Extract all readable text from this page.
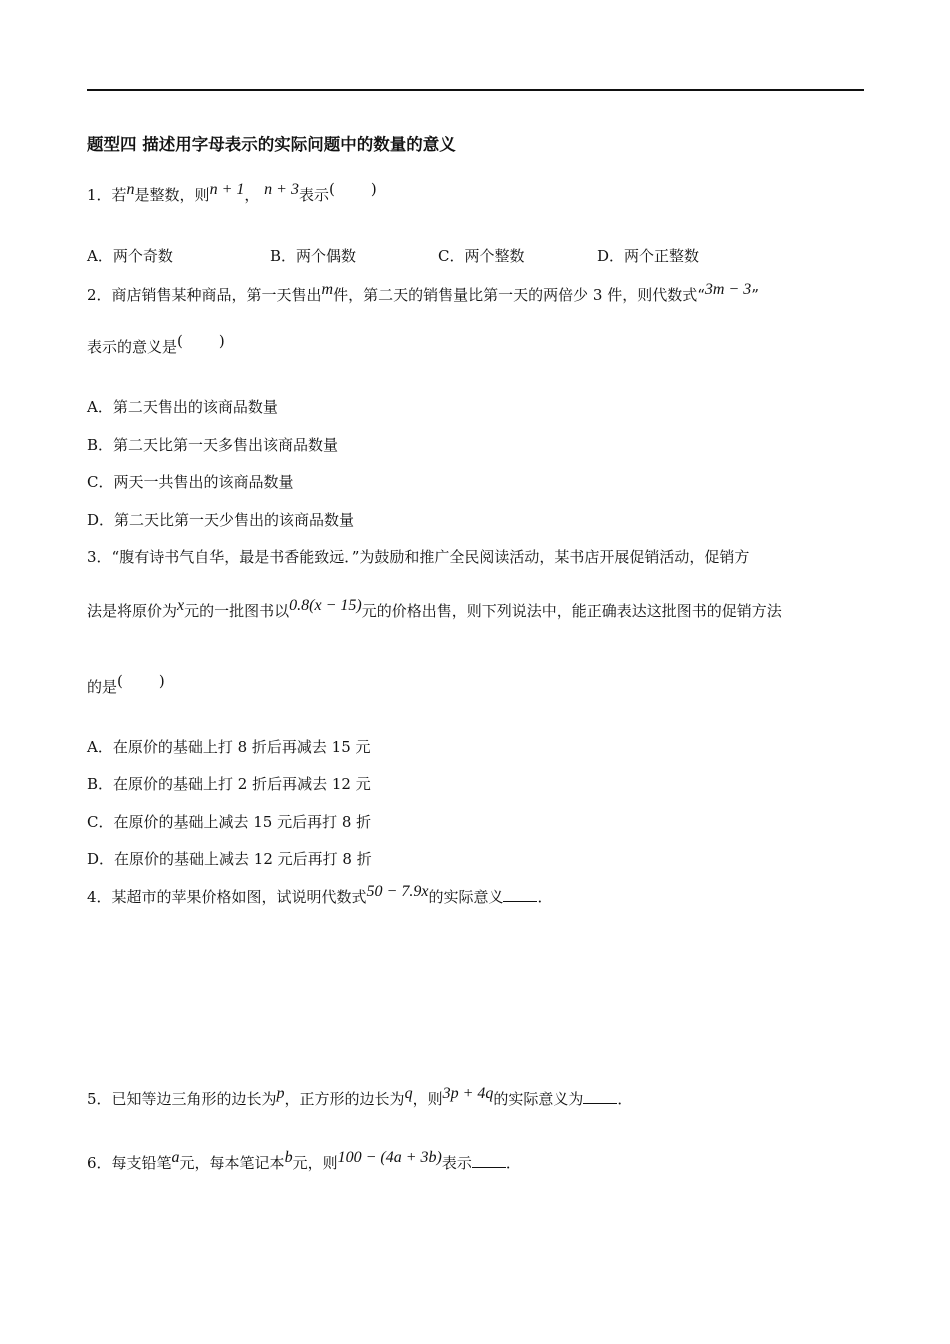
题型四 描述用字母表示的实际问题中的数量的意义
1．若n是整数，则n + 1， n + 3表示( )
A．两个奇数	B．两个偶数	C．两个整数	D．两个正整数
2．商店销售某种商品，第一天售出m件，第二天的销售量比第一天的两倍少 3 件，则代数式“3m − 3”
表示的意义是( )
A．第二天售出的该商品数量
B．第二天比第一天多售出该商品数量
C．两天一共售出的该商品数量
D．第二天比第一天少售出的该商品数量
3．“腹有诗书气自华，最是书香能致远．”为鼓励和推广全民阅读活动，某书店开展促销活动，促销方
法是将原价为x元的一批图书以0.8(x − 15)元的价格出售，则下列说法中，能正确表达这批图书的促销方法
的是( )
A．在原价的基础上打 8 折后再减去 15 元
B．在原价的基础上打 2 折后再减去 12 元
C．在原价的基础上减去 15 元后再打 8 折
D．在原价的基础上减去 12 元后再打 8 折
4．某超市的苹果价格如图，试说明代数式50 − 7.9x的实际意义 ．
5．已知等边三角形的边长为p，正方形的边长为q，则3p + 4q的实际意义为 ．
6．每支铅笔a元，每本笔记本b元，则100 − (4a + 3b)表示 ．
